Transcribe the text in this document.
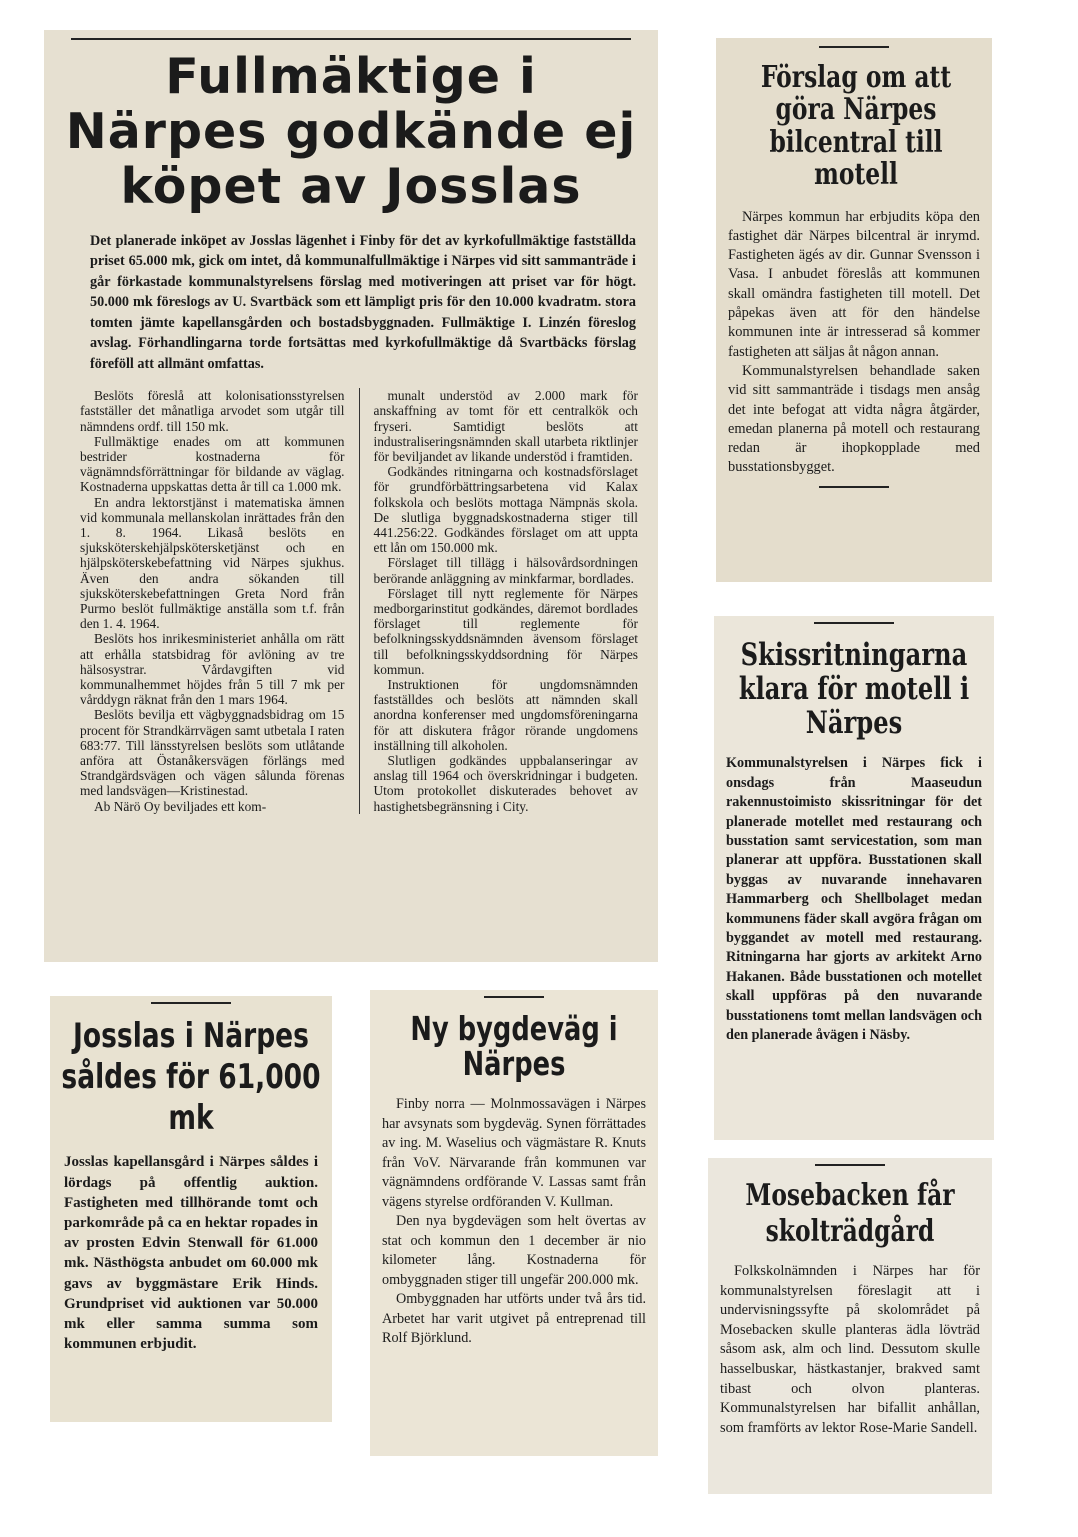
Fullmäktige i Närpes godkände ej köpet av Josslas

Det planerade inköpet av Josslas lägenhet i Finby för det av kyrkofullmäktige fastställda priset 65.000 mk, gick om intet, då kommunalfullmäktige i Närpes vid sitt sammanträde i går förkastade kommunalstyrelsens förslag med motiveringen att priset var för högt. 50.000 mk föreslogs av U. Svartbäck som ett lämpligt pris för den 10.000 kvadratm. stora tomten jämte kapellansgården och bostadsbyggnaden. Fullmäktige I. Linzén föreslog avslag. Förhandlingarna torde fortsättas med kyrkofullmäktige då Svartbäcks förslag föreföll att allmänt omfattas.

Beslöts föreslå att kolonisationsstyrelsen fastställer det månatliga arvodet som utgår till nämndens ordf. till 150 mk.

Fullmäktige enades om att kommunen bestrider kostnaderna för vägnämndsförrättningar för bildande av väglag. Kostnaderna uppskattas detta år till ca 1.000 mk.

En andra lektorstjänst i matematiska ämnen vid kommunala mellanskolan inrättades från den 1. 8. 1964. Likaså beslöts en sjuksköterskehjälpskötersketjänst och en hjälpsköterskebefattning vid Närpes sjukhus. Även den andra sökanden till sjuksköterskebefattningen Greta Nord från Purmo beslöt fullmäktige anställa som t.f. från den 1. 4. 1964.

Beslöts hos inrikesministeriet anhålla om rätt att erhålla statsbidrag för avlöning av tre hälsosystrar. Vårdavgiften vid kommunalhemmet höjdes från 5 till 7 mk per vårddygn räknat från den 1 mars 1964.

Beslöts bevilja ett vägbyggnadsbidrag om 15 procent för Strandkärrvägen samt utbetala I raten 683:77. Till länsstyrelsen beslöts som utlåtande anföra att Östanåkersvägen förlängs med Strandgärdsvägen och vägen sålunda förenas med landsvägen—Kristinestad.

Ab Närö Oy beviljades ett kom-

munalt understöd av 2.000 mark för anskaffning av tomt för ett centralkök och fryseri. Samtidigt beslöts att industraliseringsnämnden skall utarbeta riktlinjer för beviljandet av likande understöd i framtiden.

Godkändes ritningarna och kostnadsförslaget för grundförbättringsarbetena vid Kalax folkskola och beslöts mottaga Nämpnäs skola. De slutliga byggnadskostnaderna stiger till 441.256:22. Godkändes förslaget om att uppta ett lån om 150.000 mk.

Förslaget till tillägg i hälsovårdsordningen berörande anläggning av minkfarmar, bordlades.

Förslaget till nytt reglemente för Närpes medborgarinstitut godkändes, däremot bordlades förslaget till reglemente för befolkningsskyddsnämnden ävensom förslaget till befolkningsskyddsordning för Närpes kommun.

Instruktionen för ungdomsnämnden fastställdes och beslöts att nämnden skall anordna konferenser med ungdomsföreningarna för att diskutera frågor rörande ungdomens inställning till alkoholen.

Slutligen godkändes uppbalanseringar av anslag till 1964 och överskridningar i budgeten. Utom protokollet diskuterades behovet av hastighetsbegränsning i City.

Förslag om att göra Närpes bilcentral till motell

Närpes kommun har erbjudits köpa den fastighet där Närpes bilcentral är inrymd. Fastigheten ägés av dir. Gunnar Svensson i Vasa. I anbudet föreslås att kommunen skall omändra fastigheten till motell. Det påpekas även att för den händelse kommunen inte är intresserad så kommer fastigheten att säljas åt någon annan.

Kommunalstyrelsen behandlade saken vid sitt sammanträde i tisdags men ansåg det inte befogat att vidta några åtgärder, emedan planerna på motell och restaurang redan är ihopkopplade med busstationsbygget.

Skissritningarna klara för motell i Närpes

Kommunalstyrelsen i Närpes fick i onsdags från Maaseudun rakennustoimisto skissritningar för det planerade motellet med restaurang och busstation samt servicestation, som man planerar att uppföra. Busstationen skall byggas av nuvarande innehavaren Hammarberg och Shellbolaget medan kommunens fäder skall avgöra frågan om byggandet av motell med restaurang. Ritningarna har gjorts av arkitekt Arno Hakanen. Både busstationen och motellet skall uppföras på den nuvarande busstationens tomt mellan landsvägen och den planerade åvägen i Näsby.

Josslas i Närpes såldes för 61,000 mk

Josslas kapellansgård i Närpes såldes i lördags på offentlig auktion. Fastigheten med tillhörande tomt och parkområde på ca en hektar ropades in av prosten Edvin Stenwall för 61.000 mk. Nästhögsta anbudet om 60.000 mk gavs av byggmästare Erik Hinds. Grundpriset vid auktionen var 50.000 mk eller samma summa som kommunen erbjudit.

Ny bygdeväg i Närpes

Finby norra — Molnmossavägen i Närpes har avsynats som bygdeväg. Synen förrättades av ing. M. Waselius och vägmästare R. Knuts från VoV. Närvarande från kommunen var vägnämndens ordförande V. Lassas samt från vägens styrelse ordföranden V. Kullman.

Den nya bygdevägen som helt övertas av stat och kommun den 1 december är nio kilometer lång. Kostnaderna för ombyggnaden stiger till ungefär 200.000 mk.

Ombyggnaden har utförts under två års tid. Arbetet har varit utgivet på entreprenad till Rolf Björklund.

Mosebacken får skolträdgård

Folkskolnämnden i Närpes har för kommunalstyrelsen föreslagit att i undervisningssyfte på skolområdet på Mosebacken skulle planteras ädla lövträd såsom ask, alm och lind. Dessutom skulle hasselbuskar, hästkastanjer, brakved samt tibast och olvon planteras. Kommunalstyrelsen har bifallit anhållan, som framförts av lektor Rose-Marie Sandell.
